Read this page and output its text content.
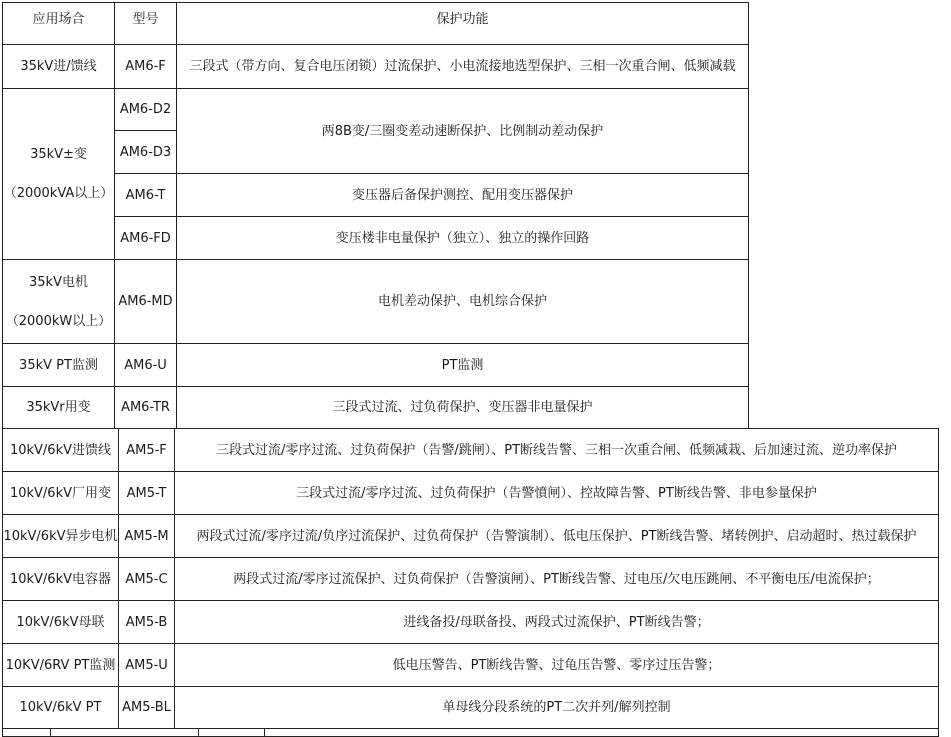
应用场合	型号	保护功能
35kV进/馈线	AM6-F	三段式（带方向、复合电压闭锁）过流保护、小电流接地选型保护、三相一次重合闸、低频减载

35kV±变
（2000kVA以上）	AM6-D2	两8B变/三圈变差动速断保护、比例制动差动保护
	AM6-D3	
	AM6-T	变压器后备保护测控、配用变压器保护
	AM6-FD	变压楼非电量保护（独立）、独立的操作回路

35kV电机
（2000kW以上）	AM6-MD	电机差动保护、电机综合保护
35kV PT监测	AM6-U	PT监测
35kVr用变	AM6-TR	三段式过流、过负荷保护、变压器非电量保护
10kV/6kV进馈线	AM5-F	三段式过流/零序过流、过负荷保护（告警/跳闸）、PT断线告警、三相一次重合闸、低频减栽、后加速过流、逆功率保护
10kV/6kV厂用变	AM5-T	三段式过流/零序过流、过负荷保护（告警憤闸）、控故障告警、PT断线告警、非电参量保护
10kV/6kV异步电机	AM5-M	两段式过流/零序过流/负序过流保护、过负荷保护（告警演制）、低电压保护、PT断线告警、堵转例护、启动超时、热过载保护
10kV/6kV电容器	AM5-C	两段式过流/零序过流保护、过负荷保护（告警演闸）、PT断线告警、过电压/欠电压跳闸、不平衡电压/电流保护；
10kV/6kV母联	AM5-B	进线备投/母联备投、两段式过流保护、PT断线告警；
10KV/6RV PT监测	AM5-U	低电压警告、PT断线告警、过龟压告警、零序过压告警；
10kV/6kV PT	AM5-BL	单母线分段系统的PT二次并列/解列控制
